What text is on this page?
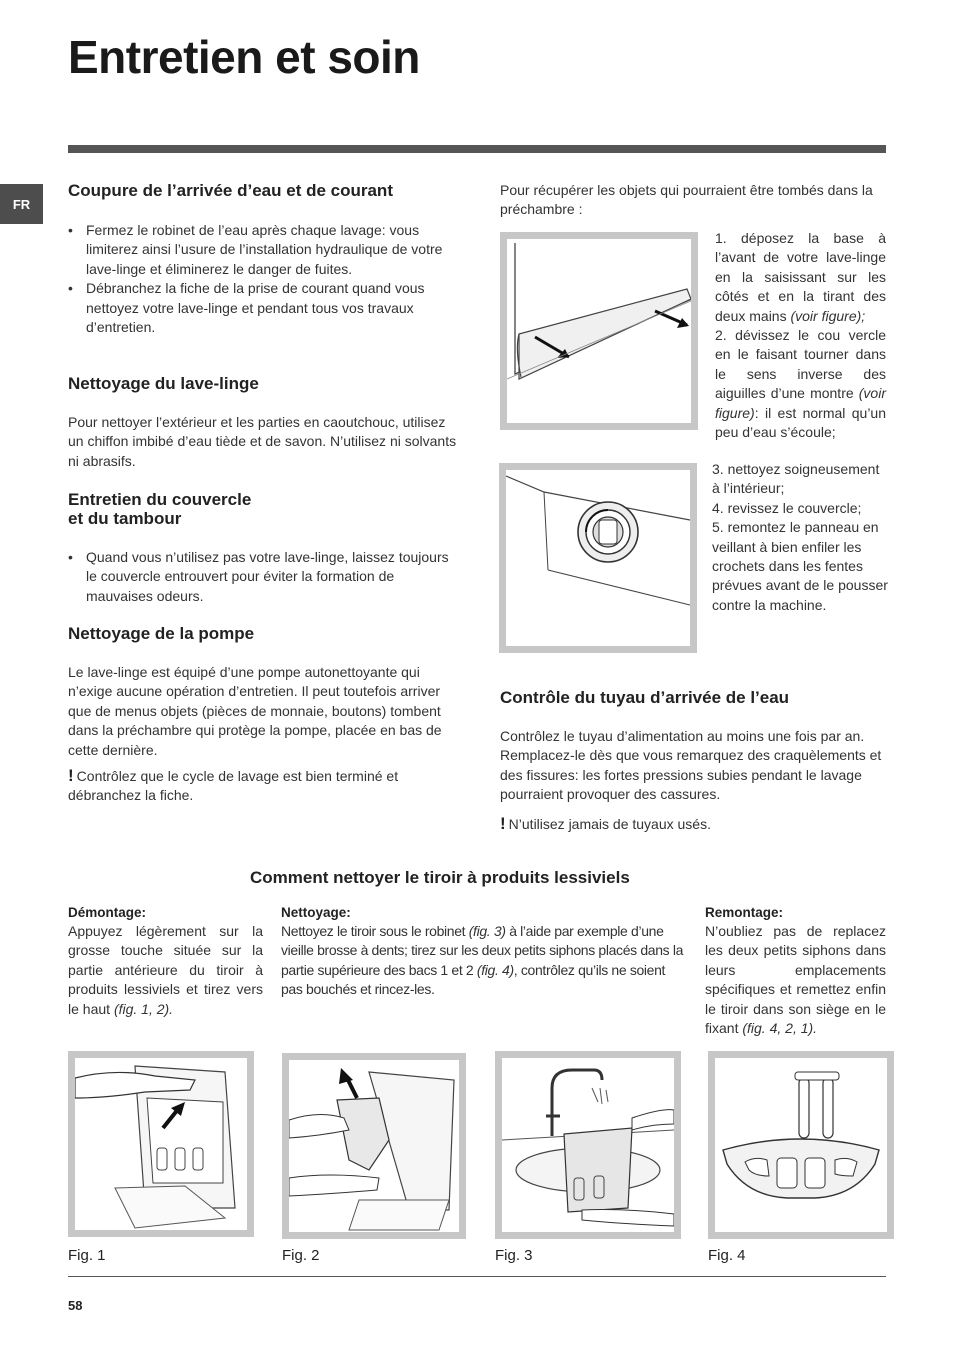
Entretien et soin
FR
Coupure de l’arrivée d’eau et de courant
• Fermez le robinet de l’eau après chaque lavage: vous limiterez ainsi l’usure de l’installation hydraulique de votre lave-linge et éliminerez le danger de fuites.
• Débranchez la fiche de la prise de courant quand vous nettoyez votre lave-linge et pendant tous vos travaux d’entretien.
Nettoyage du lave-linge

Pour nettoyer l’extérieur et les parties en caoutchouc, utilisez un chiffon imbibé d’eau tiède et de savon. N’utilisez ni solvants ni abrasifs.

Entretien du couvercle
et du tambour
• Quand vous n’utilisez pas votre lave-linge, laissez toujours le couvercle entrouvert pour éviter la formation de mauvaises odeurs.
Nettoyage de la pompe

Le lave-linge est équipé d’une pompe autonettoyante qui n’exige aucune opération d’entretien. Il peut toutefois arriver que de menus objets (pièces de monnaie, boutons) tombent dans la préchambre qui protège la pompe, placée en bas de cette dernière.

! Contrôlez que le cycle de lavage est bien terminé et débranchez la fiche.

Pour récupérer les objets qui pourraient être tombés dans la préchambre :

1. déposez la base à l’avant de votre lave-linge en la saisissant sur les côtés et en la tirant des deux mains (voir figure);

2. dévissez le cou vercle en le faisant tourner dans le sens inverse des aiguilles d’une montre (voir figure): il est normal qu’un peu d’eau s’écoule;

3. nettoyez soigneusement à l’intérieur;

4. revissez le couvercle;

5. remontez le panneau en veillant à bien enfiler les crochets dans les fentes prévues avant de le pousser contre la machine.

Contrôle du tuyau d’arrivée de l’eau

Contrôlez le tuyau d’alimentation au moins une fois par an. Remplacez-le dès que vous remarquez des craquèlements et des fissures: les fortes pressions subies pendant le lavage pourraient provoquer des cassures.

! N’utilisez jamais de tuyaux usés.

Comment nettoyer le tiroir à produits lessiviels
Démontage:

Appuyez légèrement sur la grosse touche située sur la partie antérieure du tiroir à produits lessiviels et tirez vers le haut (fig. 1, 2).

Nettoyage:

Nettoyez le tiroir sous le robinet (fig. 3) à l’aide par exemple d’une vieille brosse à dents; tirez sur les deux petits siphons placés dans la partie supérieure des bacs 1 et 2 (fig. 4), contrôlez qu’ils ne soient pas bouchés et rincez-les.

Remontage:

N’oubliez pas de replacez les deux petits siphons dans leurs emplacements spécifiques et remettez enfin le tiroir dans son siège en le fixant (fig. 4, 2, 1).

Fig. 1	Fig. 2	Fig. 3	Fig. 4
58
